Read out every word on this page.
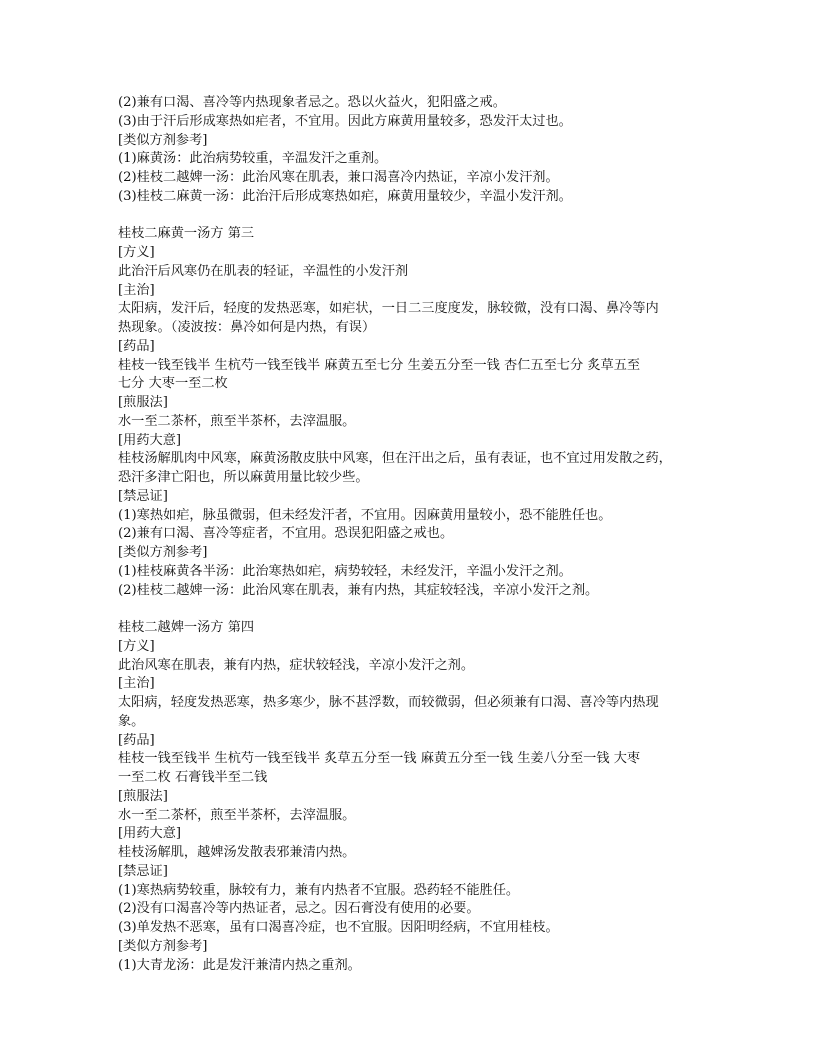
(2)兼有口渴、喜冷等内热现象者忌之。恐以火益火，犯阳盛之戒。
(3)由于汗后形成寒热如疟者，不宜用。因此方麻黄用量较多，恐发汗太过也。
[类似方剂参考]
(1)麻黄汤：此治病势较重，辛温发汗之重剂。
(2)桂枝二越婢一汤：此治风寒在肌表，兼口渴喜冷内热证，辛凉小发汗剂。
(3)桂枝二麻黄一汤：此治汗后形成寒热如疟，麻黄用量较少，辛温小发汗剂。
桂枝二麻黄一汤方 第三
[方义]
此治汗后风寒仍在肌表的轻证，辛温性的小发汗剂
[主治]
太阳病，发汗后，轻度的发热恶寒，如疟状，一日二三度度发，脉较微，没有口渴、鼻冷等内
热现象。（凌波按：鼻冷如何是内热，有误）
[药品]
桂枝一钱至钱半 生杭芍一钱至钱半 麻黄五至七分 生姜五分至一钱 杏仁五至七分 炙草五至
七分 大枣一至二枚
[煎服法]
水一至二茶杯，煎至半茶杯，去滓温服。
[用药大意]
桂枝汤解肌肉中风寒，麻黄汤散皮肤中风寒，但在汗出之后，虽有表证，也不宜过用发散之药，
恐汗多津亡阳也，所以麻黄用量比较少些。
[禁忌证]
(1)寒热如疟，脉虽微弱，但未经发汗者，不宜用。因麻黄用量较小，恐不能胜任也。
(2)兼有口渴、喜冷等症者，不宜用。恐误犯阳盛之戒也。
[类似方剂参考]
(1)桂枝麻黄各半汤：此治寒热如疟，病势较轻，未经发汗，辛温小发汗之剂。
(2)桂枝二越婢一汤：此治风寒在肌表，兼有内热，其症较轻浅，辛凉小发汗之剂。
桂枝二越婢一汤方 第四
[方义]
此治风寒在肌表，兼有内热，症状较轻浅，辛凉小发汗之剂。
[主治]
太阳病，轻度发热恶寒，热多寒少，脉不甚浮数，而较微弱，但必须兼有口渴、喜冷等内热现
象。
[药品]
桂枝一钱至钱半 生杭芍一钱至钱半 炙草五分至一钱 麻黄五分至一钱 生姜八分至一钱 大枣
一至二枚 石膏钱半至二钱
[煎服法]
水一至二茶杯，煎至半茶杯，去滓温服。
[用药大意]
桂枝汤解肌，越婢汤发散表邪兼清内热。
[禁忌证]
(1)寒热病势较重，脉较有力，兼有内热者不宜服。恐药轻不能胜任。
(2)没有口渴喜冷等内热证者，忌之。因石膏没有使用的必要。
(3)单发热不恶寒，虽有口渴喜冷症，也不宜服。因阳明经病，不宜用桂枝。
[类似方剂参考]
(1)大青龙汤：此是发汗兼清内热之重剂。
